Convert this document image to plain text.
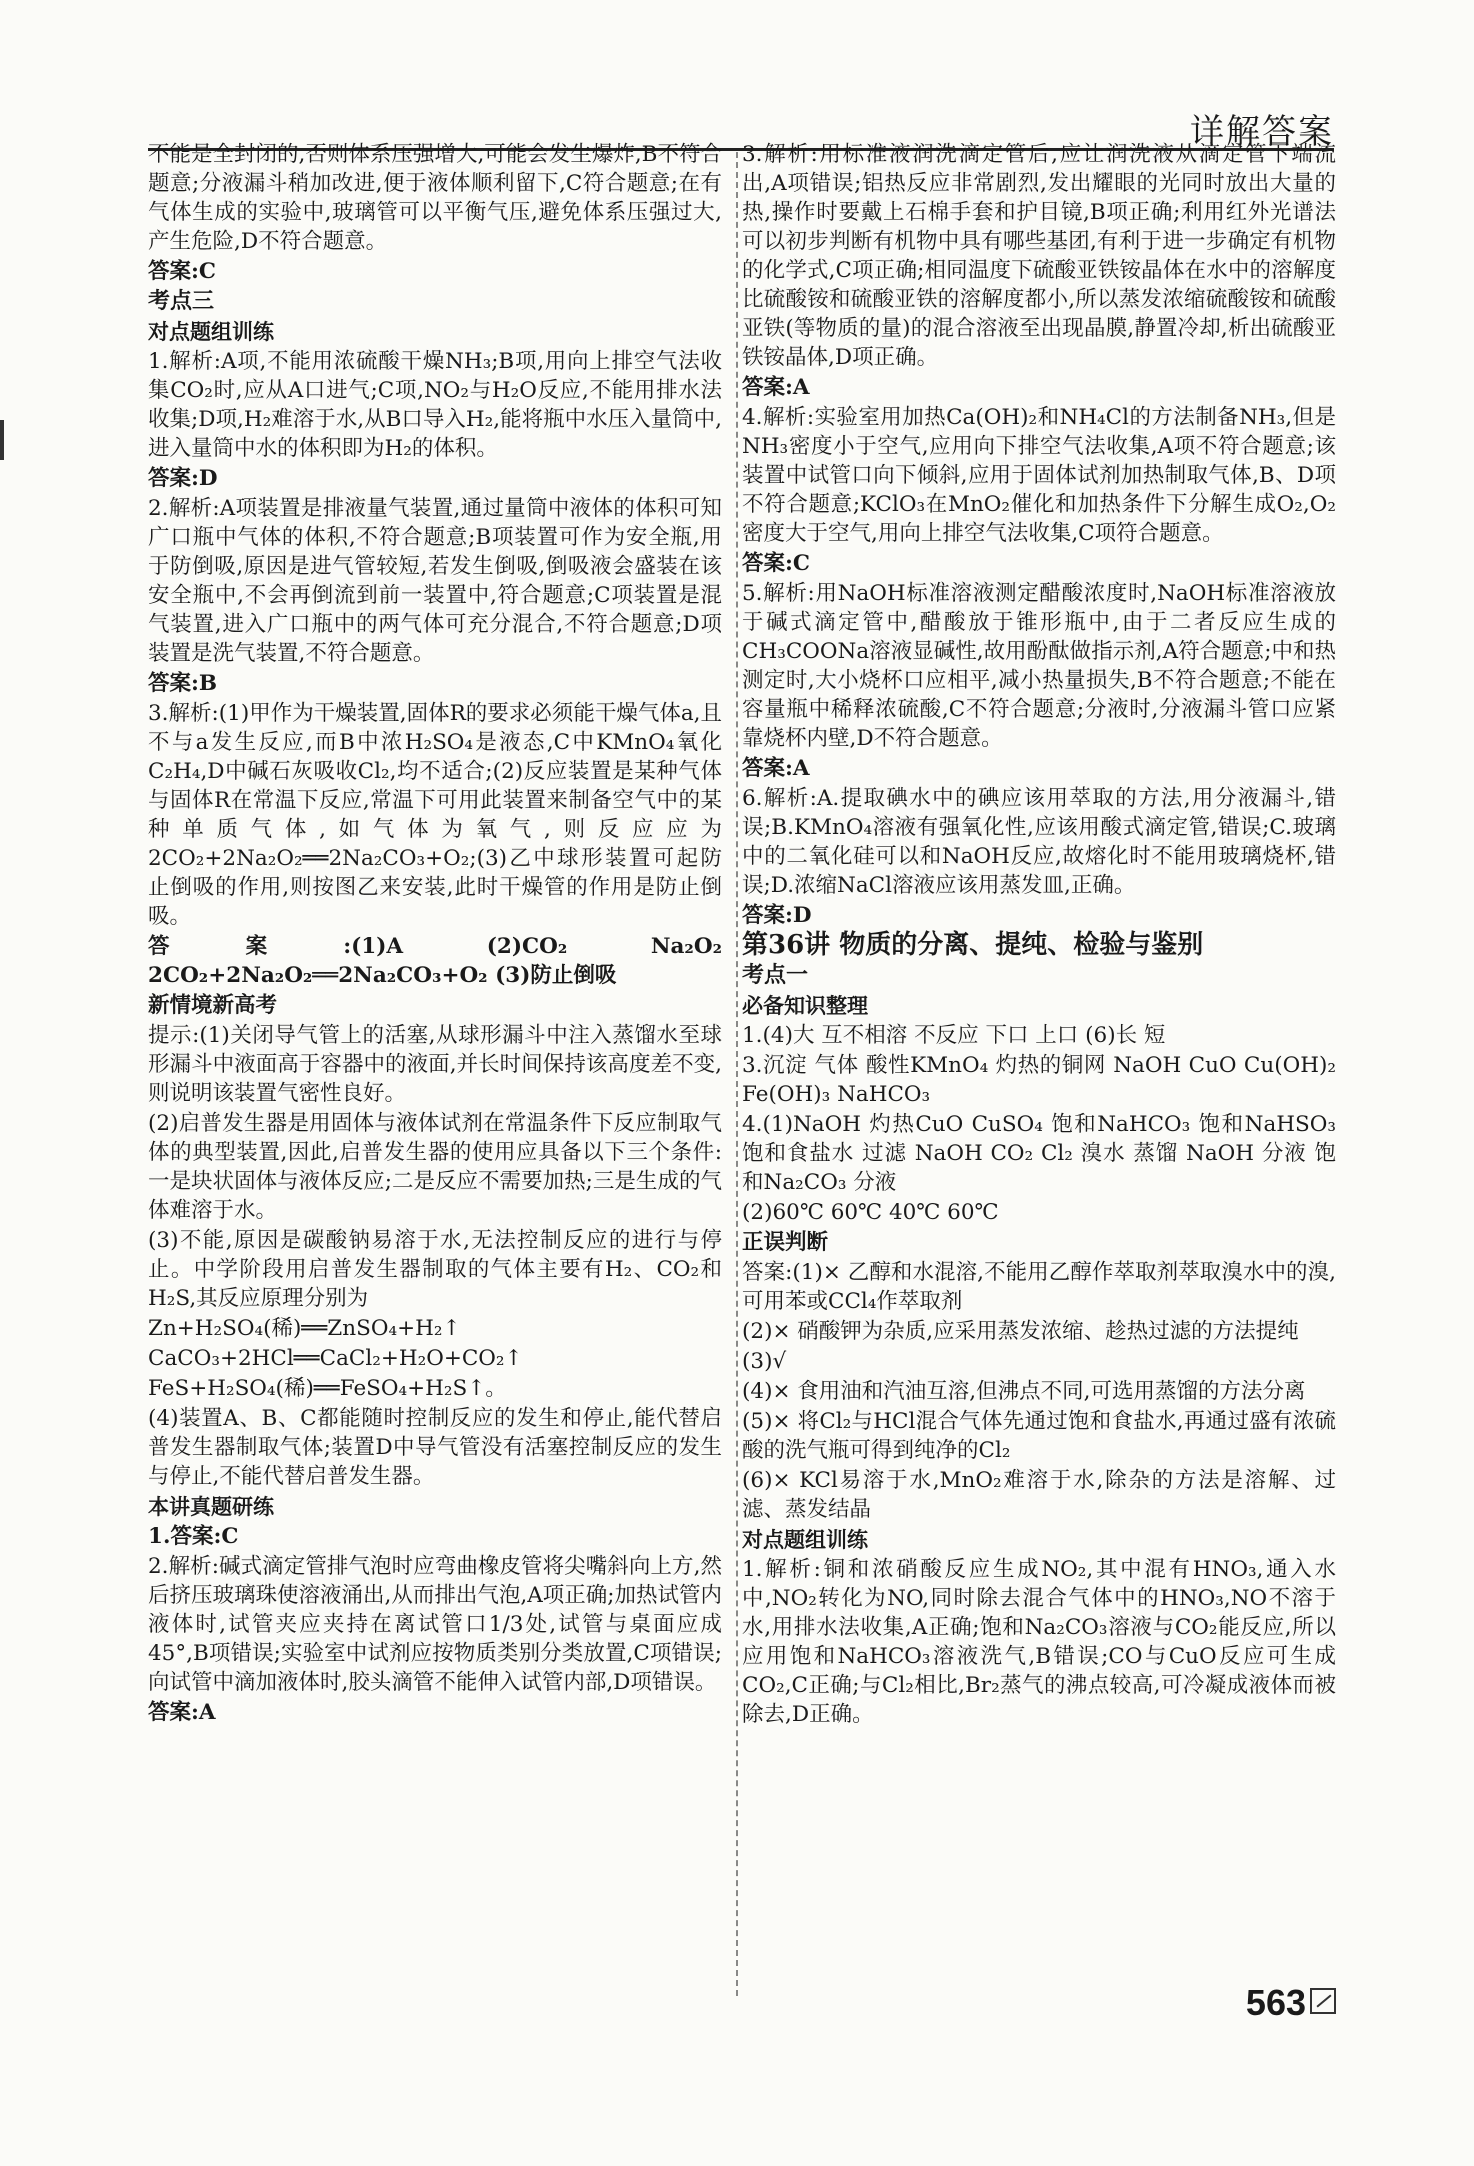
详解答案

不能是全封闭的,否则体系压强增大,可能会发生爆炸,B不符合题意;分液漏斗稍加改进,便于液体顺利留下,C符合题意;在有气体生成的实验中,玻璃管可以平衡气压,避免体系压强过大,产生危险,D不符合题意。

答案:C

考点三

对点题组训练

1.解析:A项,不能用浓硫酸干燥NH₃;B项,用向上排空气法收集CO₂时,应从A口进气;C项,NO₂与H₂O反应,不能用排水法收集;D项,H₂难溶于水,从B口导入H₂,能将瓶中水压入量筒中,进入量筒中水的体积即为H₂的体积。

答案:D

2.解析:A项装置是排液量气装置,通过量筒中液体的体积可知广口瓶中气体的体积,不符合题意;B项装置可作为安全瓶,用于防倒吸,原因是进气管较短,若发生倒吸,倒吸液会盛装在该安全瓶中,不会再倒流到前一装置中,符合题意;C项装置是混气装置,进入广口瓶中的两气体可充分混合,不符合题意;D项装置是洗气装置,不符合题意。

答案:B

3.解析:(1)甲作为干燥装置,固体R的要求必须能干燥气体a,且不与a发生反应,而B中浓H₂SO₄是液态,C中KMnO₄氧化C₂H₄,D中碱石灰吸收Cl₂,均不适合;(2)反应装置是某种气体与固体R在常温下反应,常温下可用此装置来制备空气中的某种单质气体,如气体为氧气,则反应应为2CO₂+2Na₂O₂══2Na₂CO₃+O₂;(3)乙中球形装置可起防止倒吸的作用,则按图乙来安装,此时干燥管的作用是防止倒吸。

答案:(1)A (2)CO₂ Na₂O₂ 2CO₂+2Na₂O₂══2Na₂CO₃+O₂ (3)防止倒吸

新情境新高考

提示:(1)关闭导气管上的活塞,从球形漏斗中注入蒸馏水至球形漏斗中液面高于容器中的液面,并长时间保持该高度差不变,则说明该装置气密性良好。

(2)启普发生器是用固体与液体试剂在常温条件下反应制取气体的典型装置,因此,启普发生器的使用应具备以下三个条件:一是块状固体与液体反应;二是反应不需要加热;三是生成的气体难溶于水。

(3)不能,原因是碳酸钠易溶于水,无法控制反应的进行与停止。中学阶段用启普发生器制取的气体主要有H₂、CO₂和H₂S,其反应原理分别为

Zn+H₂SO₄(稀)══ZnSO₄+H₂↑

CaCO₃+2HCl══CaCl₂+H₂O+CO₂↑

FeS+H₂SO₄(稀)══FeSO₄+H₂S↑。

(4)装置A、B、C都能随时控制反应的发生和停止,能代替启普发生器制取气体;装置D中导气管没有活塞控制反应的发生与停止,不能代替启普发生器。

本讲真题研练

1.答案:C

2.解析:碱式滴定管排气泡时应弯曲橡皮管将尖嘴斜向上方,然后挤压玻璃珠使溶液涌出,从而排出气泡,A项正确;加热试管内液体时,试管夹应夹持在离试管口1/3处,试管与桌面应成45°,B项错误;实验室中试剂应按物质类别分类放置,C项错误;向试管中滴加液体时,胶头滴管不能伸入试管内部,D项错误。

答案:A

3.解析:用标准液润洗滴定管后,应让润洗液从滴定管下端流出,A项错误;铝热反应非常剧烈,发出耀眼的光同时放出大量的热,操作时要戴上石棉手套和护目镜,B项正确;利用红外光谱法可以初步判断有机物中具有哪些基团,有利于进一步确定有机物的化学式,C项正确;相同温度下硫酸亚铁铵晶体在水中的溶解度比硫酸铵和硫酸亚铁的溶解度都小,所以蒸发浓缩硫酸铵和硫酸亚铁(等物质的量)的混合溶液至出现晶膜,静置冷却,析出硫酸亚铁铵晶体,D项正确。

答案:A

4.解析:实验室用加热Ca(OH)₂和NH₄Cl的方法制备NH₃,但是NH₃密度小于空气,应用向下排空气法收集,A项不符合题意;该装置中试管口向下倾斜,应用于固体试剂加热制取气体,B、D项不符合题意;KClO₃在MnO₂催化和加热条件下分解生成O₂,O₂密度大于空气,用向上排空气法收集,C项符合题意。

答案:C

5.解析:用NaOH标准溶液测定醋酸浓度时,NaOH标准溶液放于碱式滴定管中,醋酸放于锥形瓶中,由于二者反应生成的CH₃COONa溶液显碱性,故用酚酞做指示剂,A符合题意;中和热测定时,大小烧杯口应相平,减小热量损失,B不符合题意;不能在容量瓶中稀释浓硫酸,C不符合题意;分液时,分液漏斗管口应紧靠烧杯内壁,D不符合题意。

答案:A

6.解析:A.提取碘水中的碘应该用萃取的方法,用分液漏斗,错误;B.KMnO₄溶液有强氧化性,应该用酸式滴定管,错误;C.玻璃中的二氧化硅可以和NaOH反应,故熔化时不能用玻璃烧杯,错误;D.浓缩NaCl溶液应该用蒸发皿,正确。

答案:D

第36讲 物质的分离、提纯、检验与鉴别

考点一

必备知识整理

1.(4)大 互不相溶 不反应 下口 上口 (6)长 短

3.沉淀 气体 酸性KMnO₄ 灼热的铜网 NaOH CuO Cu(OH)₂ Fe(OH)₃ NaHCO₃

4.(1)NaOH 灼热CuO CuSO₄ 饱和NaHCO₃ 饱和NaHSO₃ 饱和食盐水 过滤 NaOH CO₂ Cl₂ 溴水 蒸馏 NaOH 分液 饱和Na₂CO₃ 分液

(2)60℃ 60℃ 40℃ 60℃

正误判断

答案:(1)× 乙醇和水混溶,不能用乙醇作萃取剂萃取溴水中的溴,可用苯或CCl₄作萃取剂

(2)× 硝酸钾为杂质,应采用蒸发浓缩、趁热过滤的方法提纯

(3)√

(4)× 食用油和汽油互溶,但沸点不同,可选用蒸馏的方法分离

(5)× 将Cl₂与HCl混合气体先通过饱和食盐水,再通过盛有浓硫酸的洗气瓶可得到纯净的Cl₂

(6)× KCl易溶于水,MnO₂难溶于水,除杂的方法是溶解、过滤、蒸发结晶

对点题组训练

1.解析:铜和浓硝酸反应生成NO₂,其中混有HNO₃,通入水中,NO₂转化为NO,同时除去混合气体中的HNO₃,NO不溶于水,用排水法收集,A正确;饱和Na₂CO₃溶液与CO₂能反应,所以应用饱和NaHCO₃溶液洗气,B错误;CO与CuO反应可生成CO₂,C正确;与Cl₂相比,Br₂蒸气的沸点较高,可冷凝成液体而被除去,D正确。

563
